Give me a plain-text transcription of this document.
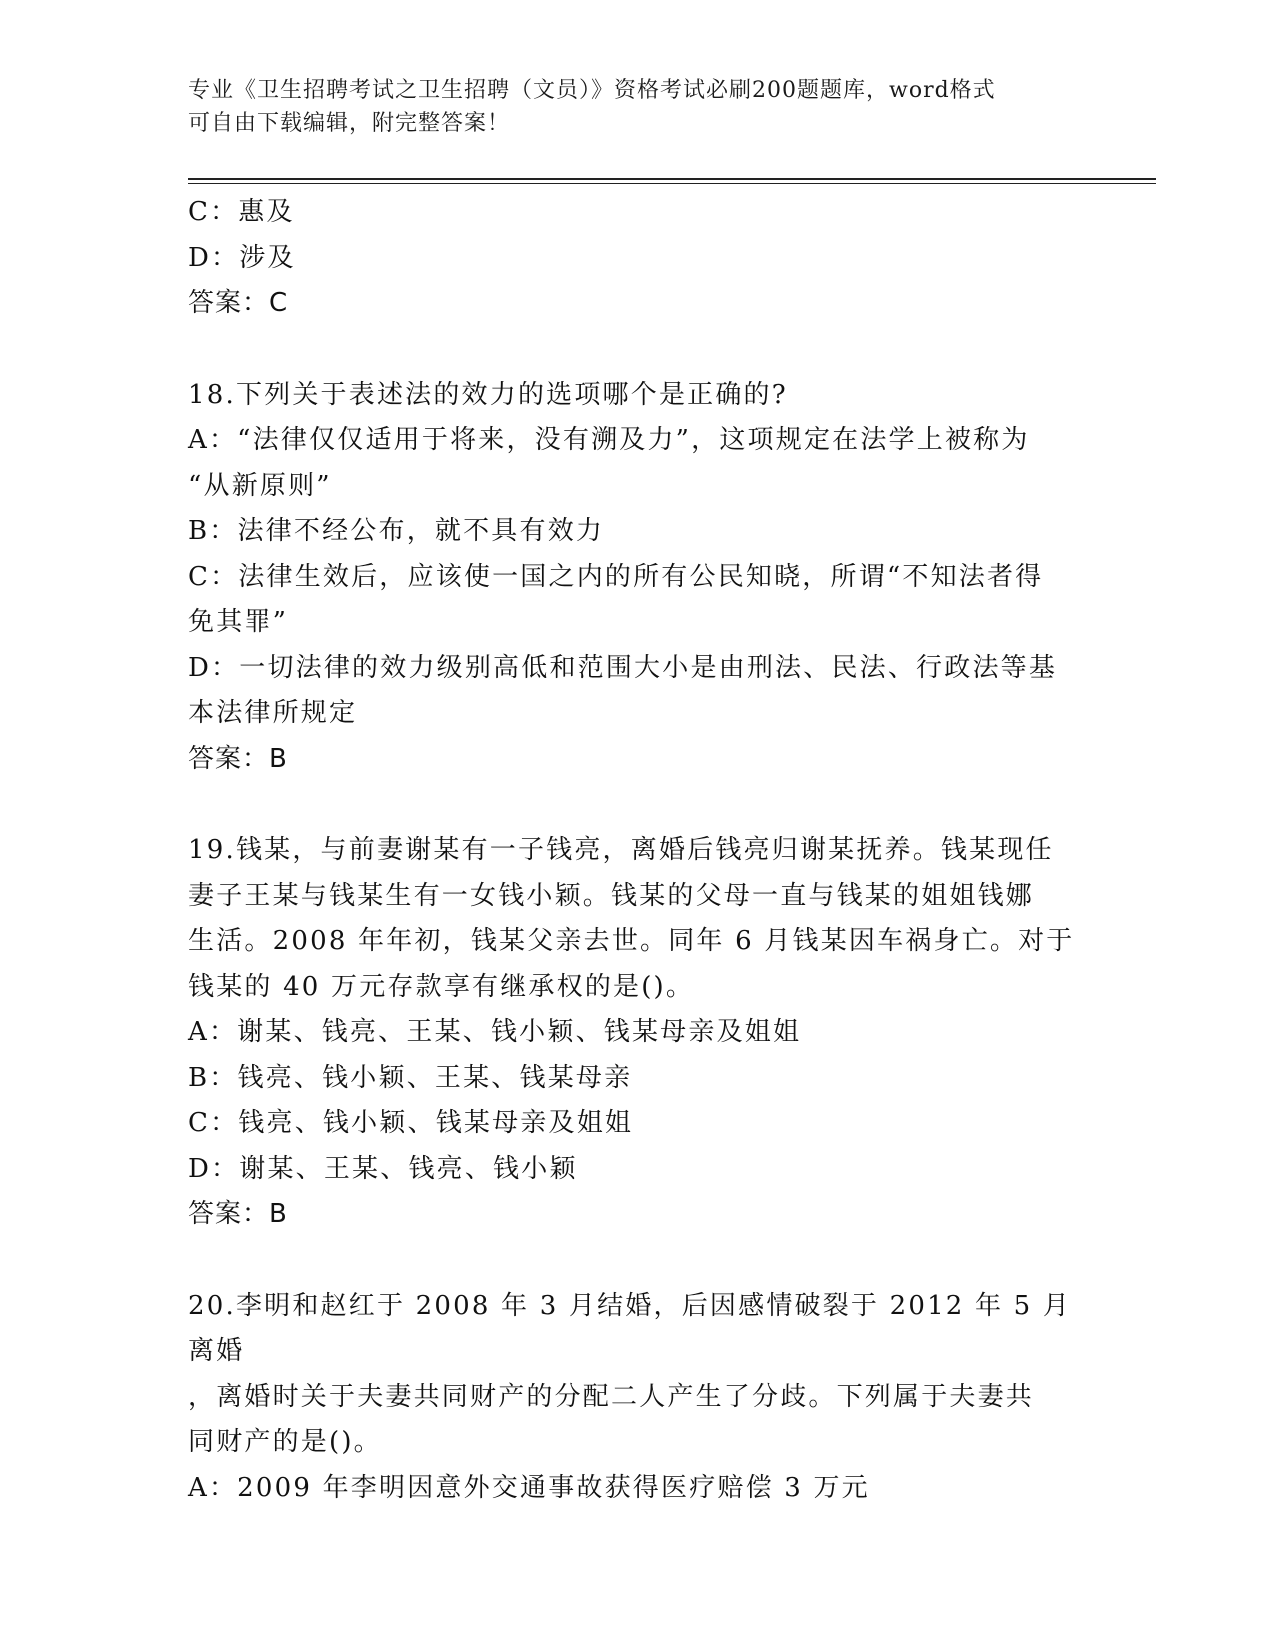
专业《卫生招聘考试之卫生招聘（文员）》资格考试必刷200题题库，word格式
可自由下载编辑，附完整答案！
C：惠及
D：涉及
答案：C
18.下列关于表述法的效力的选项哪个是正确的?
A：“法律仅仅适用于将来，没有溯及力”，这项规定在法学上被称为
“从新原则”
B：法律不经公布，就不具有效力
C：法律生效后，应该使一国之内的所有公民知晓，所谓“不知法者得
免其罪”
D：一切法律的效力级别高低和范围大小是由刑法、民法、行政法等基
本法律所规定
答案：B
19.钱某，与前妻谢某有一子钱亮，离婚后钱亮归谢某抚养。钱某现任
妻子王某与钱某生有一女钱小颖。钱某的父母一直与钱某的姐姐钱娜
生活。2008 年年初，钱某父亲去世。同年 6 月钱某因车祸身亡。对于
钱某的 40 万元存款享有继承权的是()。
A：谢某、钱亮、王某、钱小颖、钱某母亲及姐姐
B：钱亮、钱小颖、王某、钱某母亲
C：钱亮、钱小颖、钱某母亲及姐姐
D：谢某、王某、钱亮、钱小颖
答案：B
20.李明和赵红于 2008 年 3 月结婚，后因感情破裂于 2012 年 5 月离婚
，离婚时关于夫妻共同财产的分配二人产生了分歧。下列属于夫妻共
同财产的是()。
A：2009 年李明因意外交通事故获得医疗赔偿 3 万元
